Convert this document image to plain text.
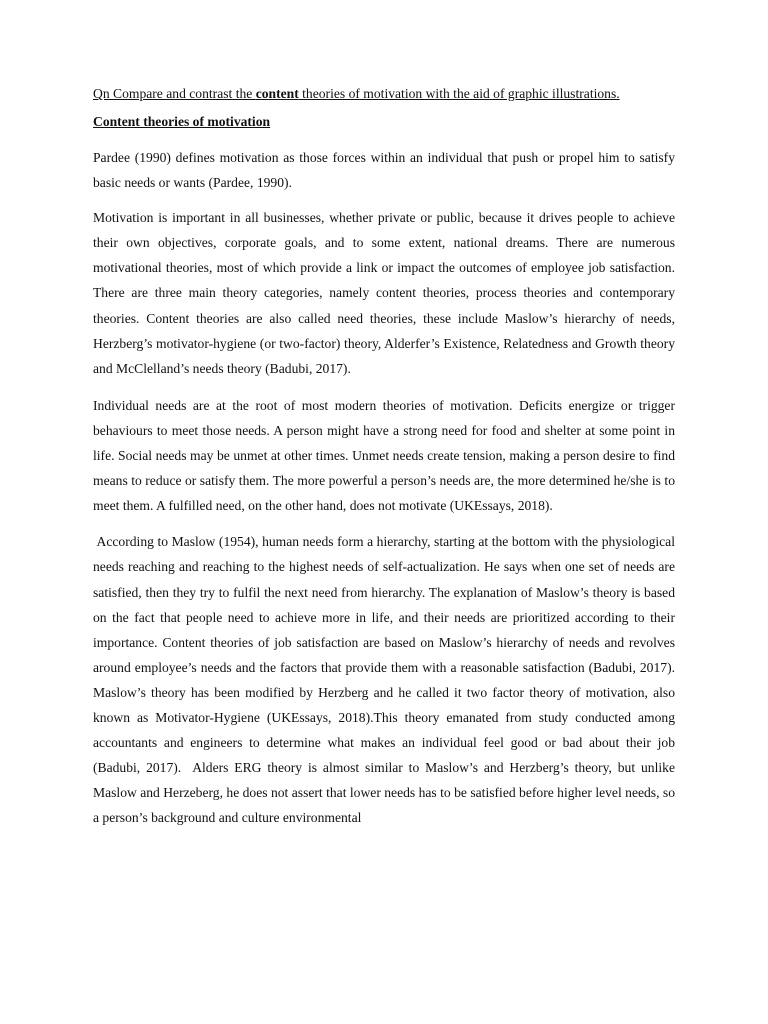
Qn Compare and contrast the content theories of motivation with the aid of graphic illustrations.

Content theories of motivation

Pardee (1990) defines motivation as those forces within an individual that push or propel him to satisfy basic needs or wants (Pardee, 1990).

Motivation is important in all businesses, whether private or public, because it drives people to achieve their own objectives, corporate goals, and to some extent, national dreams. There are numerous motivational theories, most of which provide a link or impact the outcomes of employee job satisfaction. There are three main theory categories, namely content theories, process theories and contemporary theories. Content theories are also called need theories, these include Maslow’s hierarchy of needs, Herzberg’s motivator-hygiene (or two-factor) theory, Alderfer’s Existence, Relatedness and Growth theory and McClelland’s needs theory (Badubi, 2017).

Individual needs are at the root of most modern theories of motivation. Deficits energize or trigger behaviours to meet those needs. A person might have a strong need for food and shelter at some point in life. Social needs may be unmet at other times. Unmet needs create tension, making a person desire to find means to reduce or satisfy them. The more powerful a person’s needs are, the more determined he/she is to meet them. A fulfilled need, on the other hand, does not motivate (UKEssays, 2018).

According to Maslow (1954), human needs form a hierarchy, starting at the bottom with the physiological needs reaching and reaching to the highest needs of self-actualization. He says when one set of needs are satisfied, then they try to fulfil the next need from hierarchy. The explanation of Maslow’s theory is based on the fact that people need to achieve more in life, and their needs are prioritized according to their importance. Content theories of job satisfaction are based on Maslow’s hierarchy of needs and revolves around employee’s needs and the factors that provide them with a reasonable satisfaction (Badubi, 2017). Maslow’s theory has been modified by Herzberg and he called it two factor theory of motivation, also known as Motivator-Hygiene (UKEssays, 2018).This theory emanated from study conducted among accountants and engineers to determine what makes an individual feel good or bad about their job (Badubi, 2017).  Alders ERG theory is almost similar to Maslow’s and Herzberg’s theory, but unlike Maslow and Herzeberg, he does not assert that lower needs has to be satisfied before higher level needs, so a person’s background and culture environmental
